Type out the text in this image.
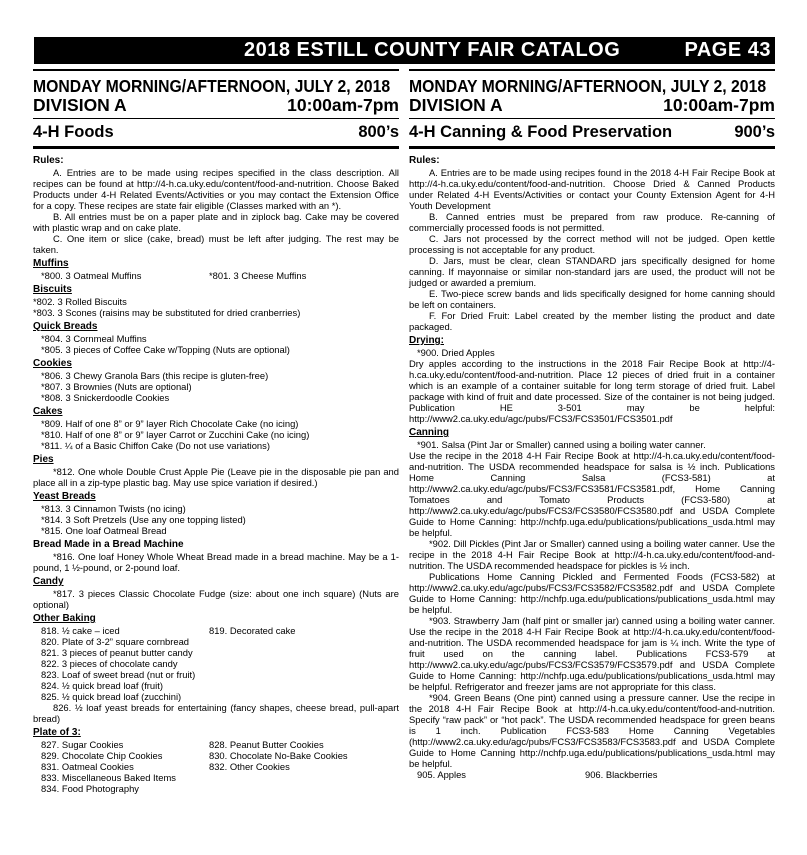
2018 ESTILL COUNTY FAIR CATALOG	PAGE 43
MONDAY MORNING/AFTERNOON, JULY 2, 2018
DIVISION A	10:00am-7pm
4-H Foods	800’s
Rules:

A. Entries are to be made using recipes specified in the class description. All recipes can be found at http://4-h.ca.uky.edu/content/food-and-nutrition. Choose Baked Products under 4-H Related Events/Activities or you may contact the Extension Office for a copy. These recipes are state fair eligible (Classes marked with an *).

B. All entries must be on a paper plate and in ziplock bag. Cake may be covered with plastic wrap and on cake plate.

C. One item or slice (cake, bread) must be left after judging. The rest may be taken.

Muffins
*800. 3 Oatmeal Muffins	*801. 3 Cheese Muffins
Biscuits
*802. 3 Rolled Biscuits
*803. 3 Scones (raisins may be substituted for dried cranberries)
Quick Breads
*804. 3 Cornmeal Muffins
*805. 3 pieces of Coffee Cake w/Topping (Nuts are optional)
Cookies
*806. 3 Chewy Granola Bars (this recipe is gluten-free)
*807. 3 Brownies (Nuts are optional)
*808. 3 Snickerdoodle Cookies
Cakes
*809. Half of one 8” or 9” layer Rich Chocolate Cake (no icing)
*810. Half of one 8” or 9” layer Carrot or Zucchini Cake (no icing)
*811. ¼ of a Basic Chiffon Cake (Do not use variations)
Pies

*812. One whole Double Crust Apple Pie (Leave pie in the disposable pie pan and place all in a zip-type plastic bag. May use spice variation if desired.)

Yeast Breads
*813. 3 Cinnamon Twists (no icing)
*814. 3 Soft Pretzels (Use any one topping listed)
*815. One loaf Oatmeal Bread
Bread Made in a Bread Machine

*816. One loaf Honey Whole Wheat Bread made in a bread machine. May be a 1-pound, 1 ½-pound, or 2-pound loaf.

Candy

*817. 3 pieces Classic Chocolate Fudge (size: about one inch square) (Nuts are optional)

Other Baking
818. ½ cake – iced	819. Decorated cake
820. Plate of 3-2” square cornbread
821. 3 pieces of peanut butter candy
822. 3 pieces of chocolate candy
823. Loaf of sweet bread (nut or fruit)
824. ½ quick bread loaf (fruit)
825. ½ quick bread loaf (zucchini)

826. ½ loaf yeast breads for entertaining (fancy shapes, cheese bread, pull-apart bread)

Plate of 3:
827. Sugar Cookies	828. Peanut Butter Cookies
829. Chocolate Chip Cookies	830. Chocolate No-Bake Cookies
831. Oatmeal Cookies	832. Other Cookies
833. Miscellaneous Baked Items
834. Food Photography
MONDAY MORNING/AFTERNOON, JULY 2, 2018
DIVISION A	10:00am-7pm
4-H Canning & Food Preservation	900’s
Rules:

A. Entries are to be made using recipes found in the 2018 4-H Fair Recipe Book at http://4-h.ca.uky.edu/content/food-and-nutrition. Choose Dried & Canned Products under Related 4-H Events/Activities or contact your County Extension Agent for 4-H Youth Development

B. Canned entries must be prepared from raw produce. Re-canning of commercially processed foods is not permitted.

C. Jars not processed by the correct method will not be judged. Open kettle processing is not acceptable for any product.

D. Jars, must be clear, clean STANDARD jars specifically designed for home canning. If mayonnaise or similar non-standard jars are used, the product will not be judged or awarded a premium.

E. Two-piece screw bands and lids specifically designed for home canning should be left on containers.

F. For Dried Fruit: Label created by the member listing the product and date packaged.

Drying:
*900. Dried Apples

Dry apples according to the instructions in the 2018 Fair Recipe Book at http://4-h.ca.uky.edu/content/food-and-nutrition. Place 12 pieces of dried fruit in a container which is an example of a container suitable for long term storage of dried fruit. Label package with kind of fruit and date processed. Size of the container is not being judged. Publication HE 3-501 may be helpful: http://www2.ca.uky.edu/agc/pubs/FCS3/FCS3501/FCS3501.pdf

Canning
*901. Salsa (Pint Jar or Smaller) canned using a boiling water canner.

Use the recipe in the 2018 4-H Fair Recipe Book at http://4-h.ca.uky.edu/content/food-and-nutrition. The USDA recommended headspace for salsa is ½ inch. Publications Home Canning Salsa (FCS3-581) at http://www2.ca.uky.edu/agc/pubs/FCS3/FCS3581/FCS3581.pdf, Home Canning Tomatoes and Tomato Products (FCS3-580) at http://www2.ca.uky.edu/agc/pubs/FCS3/FCS3580/FCS3580.pdf and USDA Complete Guide to Home Canning: http://nchfp.uga.edu/publications/publications_usda.html may be helpful.

*902. Dill Pickles (Pint Jar or Smaller) canned using a boiling water canner. Use the recipe in the 2018 4-H Fair Recipe Book at http://4-h.ca.uky.edu/content/food-and-nutrition. The USDA recommended headspace for pickles is ½ inch.

Publications Home Canning Pickled and Fermented Foods (FCS3-582) at http://www2.ca.uky.edu/agc/pubs/FCS3/FCS3582/FCS3582.pdf and USDA Complete Guide to Home Canning: http://nchfp.uga.edu/publications/publications_usda.html may be helpful.

*903. Strawberry Jam (half pint or smaller jar) canned using a boiling water canner. Use the recipe in the 2018 4-H Fair Recipe Book at http://4-h.ca.uky.edu/content/food-and-nutrition. The USDA recommended headspace for jam is ¼ inch. Write the type of fruit used on the canning label. Publications FCS3-579 at http://www2.ca.uky.edu/agc/pubs/FCS3/FCS3579/FCS3579.pdf and USDA Complete Guide to Home Canning: http://nchfp.uga.edu/publications/publications_usda.html may be helpful. Refrigerator and freezer jams are not appropriate for this class.

*904. Green Beans (One pint) canned using a pressure canner. Use the recipe in the 2018 4-H Fair Recipe Book at http://4-h.ca.uky.edu/content/food-and-nutrition. Specify “raw pack” or “hot pack”. The USDA recommended headspace for green beans is 1 inch. Publication FCS3-583 Home Canning Vegetables (http://www2.ca.uky.edu/agc/pubs/FCS3/FCS3583/FCS3583.pdf and USDA Complete Guide to Home Canning http://nchfp.uga.edu/publications/publications_usda.html may be helpful.

905. Apples	906. Blackberries
